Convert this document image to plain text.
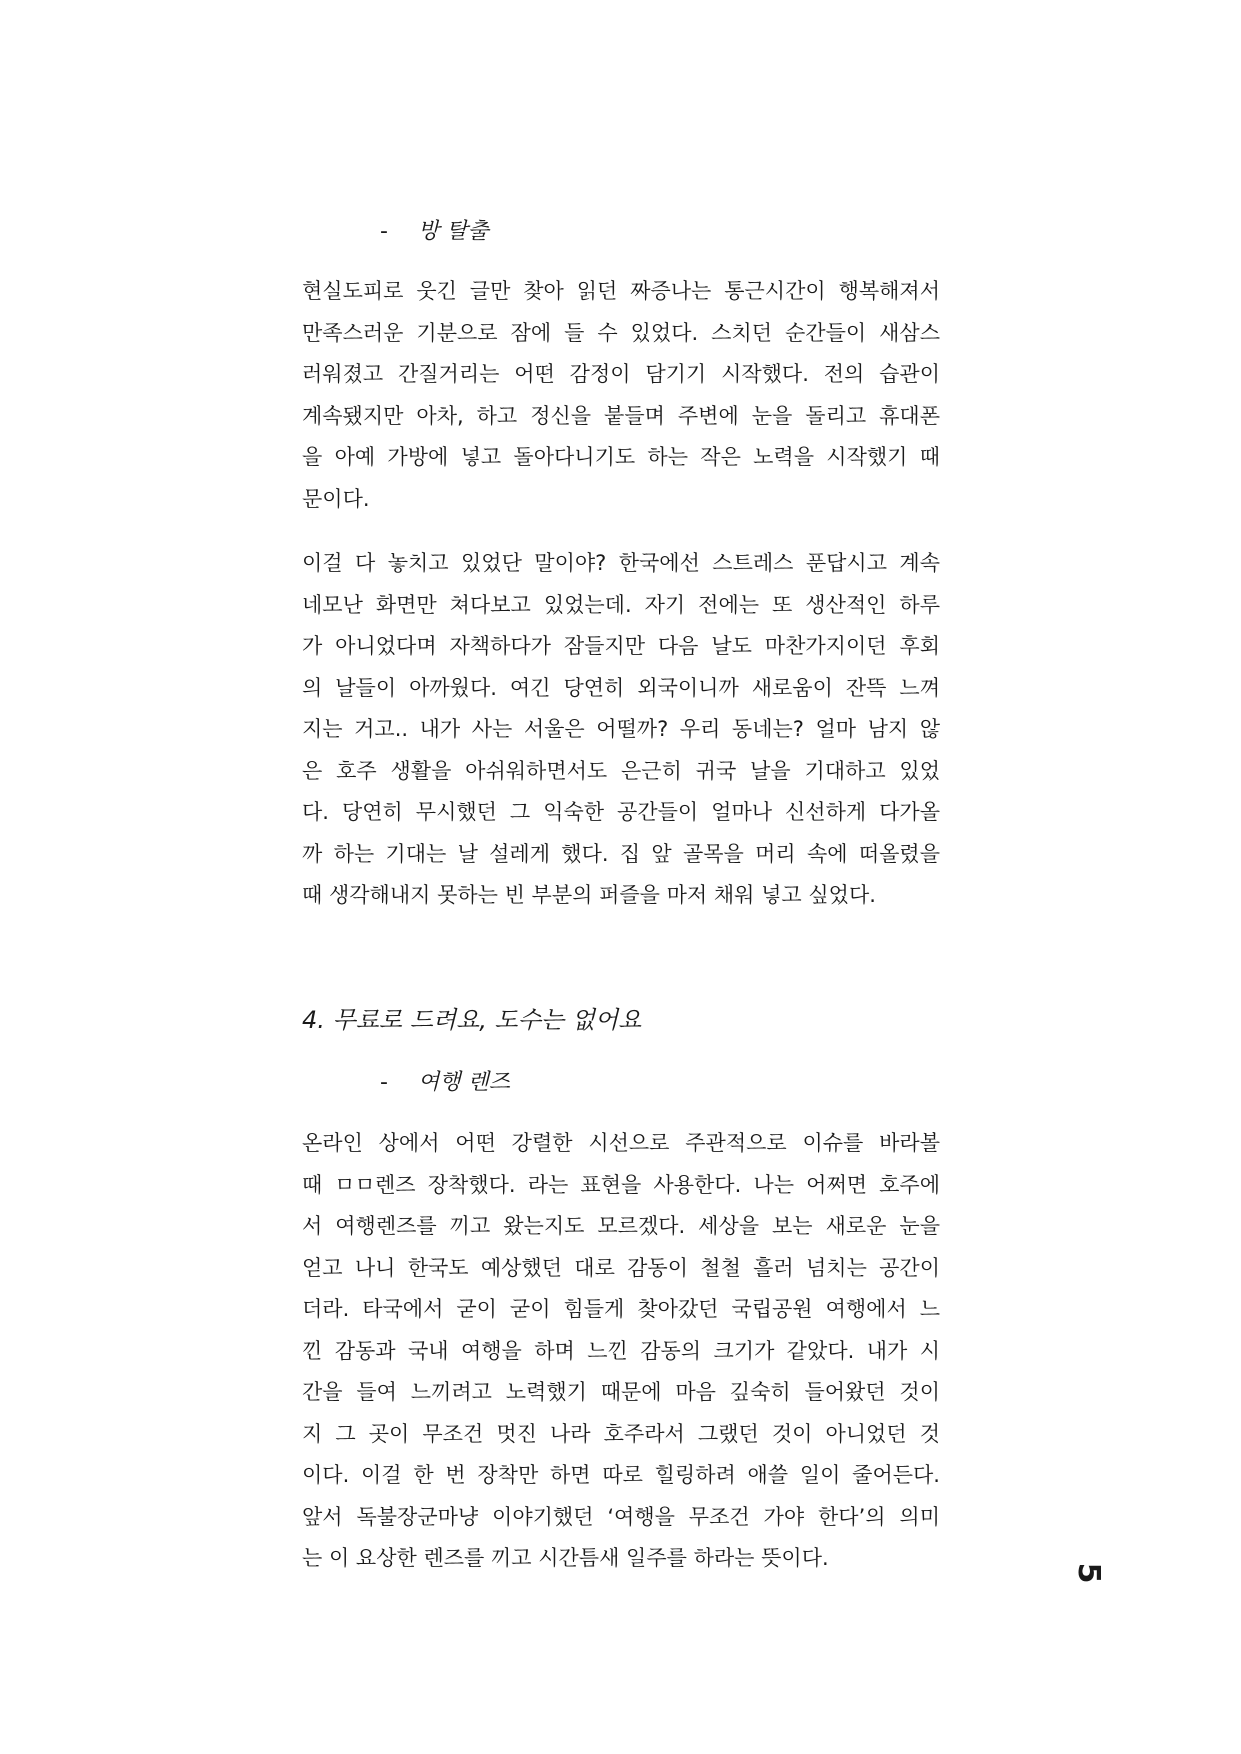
-	방 탈출
현실도피로 웃긴 글만 찾아 읽던 짜증나는 통근시간이 행복해져서
만족스러운 기분으로 잠에 들 수 있었다. 스치던 순간들이 새삼스
러워졌고 간질거리는 어떤 감정이 담기기 시작했다. 전의 습관이
계속됐지만 아차, 하고 정신을 붙들며 주변에 눈을 돌리고 휴대폰
을 아예 가방에 넣고 돌아다니기도 하는 작은 노력을 시작했기 때
문이다.
이걸 다 놓치고 있었단 말이야? 한국에선 스트레스 푼답시고 계속
네모난 화면만 쳐다보고 있었는데. 자기 전에는 또 생산적인 하루
가 아니었다며 자책하다가 잠들지만 다음 날도 마찬가지이던 후회
의 날들이 아까웠다. 여긴 당연히 외국이니까 새로움이 잔뜩 느껴
지는 거고.. 내가 사는 서울은 어떨까? 우리 동네는? 얼마 남지 않
은 호주 생활을 아쉬워하면서도 은근히 귀국 날을 기대하고 있었
다. 당연히 무시했던 그 익숙한 공간들이 얼마나 신선하게 다가올
까 하는 기대는 날 설레게 했다. 집 앞 골목을 머리 속에 떠올렸을
때 생각해내지 못하는 빈 부분의 퍼즐을 마저 채워 넣고 싶었다.
4. 무료로 드려요, 도수는 없어요
-	여행 렌즈
온라인 상에서 어떤 강렬한 시선으로 주관적으로 이슈를 바라볼
때 ㅁㅁ렌즈 장착했다. 라는 표현을 사용한다. 나는 어쩌면 호주에
서 여행렌즈를 끼고 왔는지도 모르겠다. 세상을 보는 새로운 눈을
얻고 나니 한국도 예상했던 대로 감동이 철철 흘러 넘치는 공간이
더라. 타국에서 굳이 굳이 힘들게 찾아갔던 국립공원 여행에서 느
낀 감동과 국내 여행을 하며 느낀 감동의 크기가 같았다. 내가 시
간을 들여 느끼려고 노력했기 때문에 마음 깊숙히 들어왔던 것이
지 그 곳이 무조건 멋진 나라 호주라서 그랬던 것이 아니었던 것
이다. 이걸 한 번 장착만 하면 따로 힐링하려 애쓸 일이 줄어든다.
앞서 독불장군마냥 이야기했던 ‘여행을 무조건 가야 한다’의 의미
는 이 요상한 렌즈를 끼고 시간틈새 일주를 하라는 뜻이다.
5
